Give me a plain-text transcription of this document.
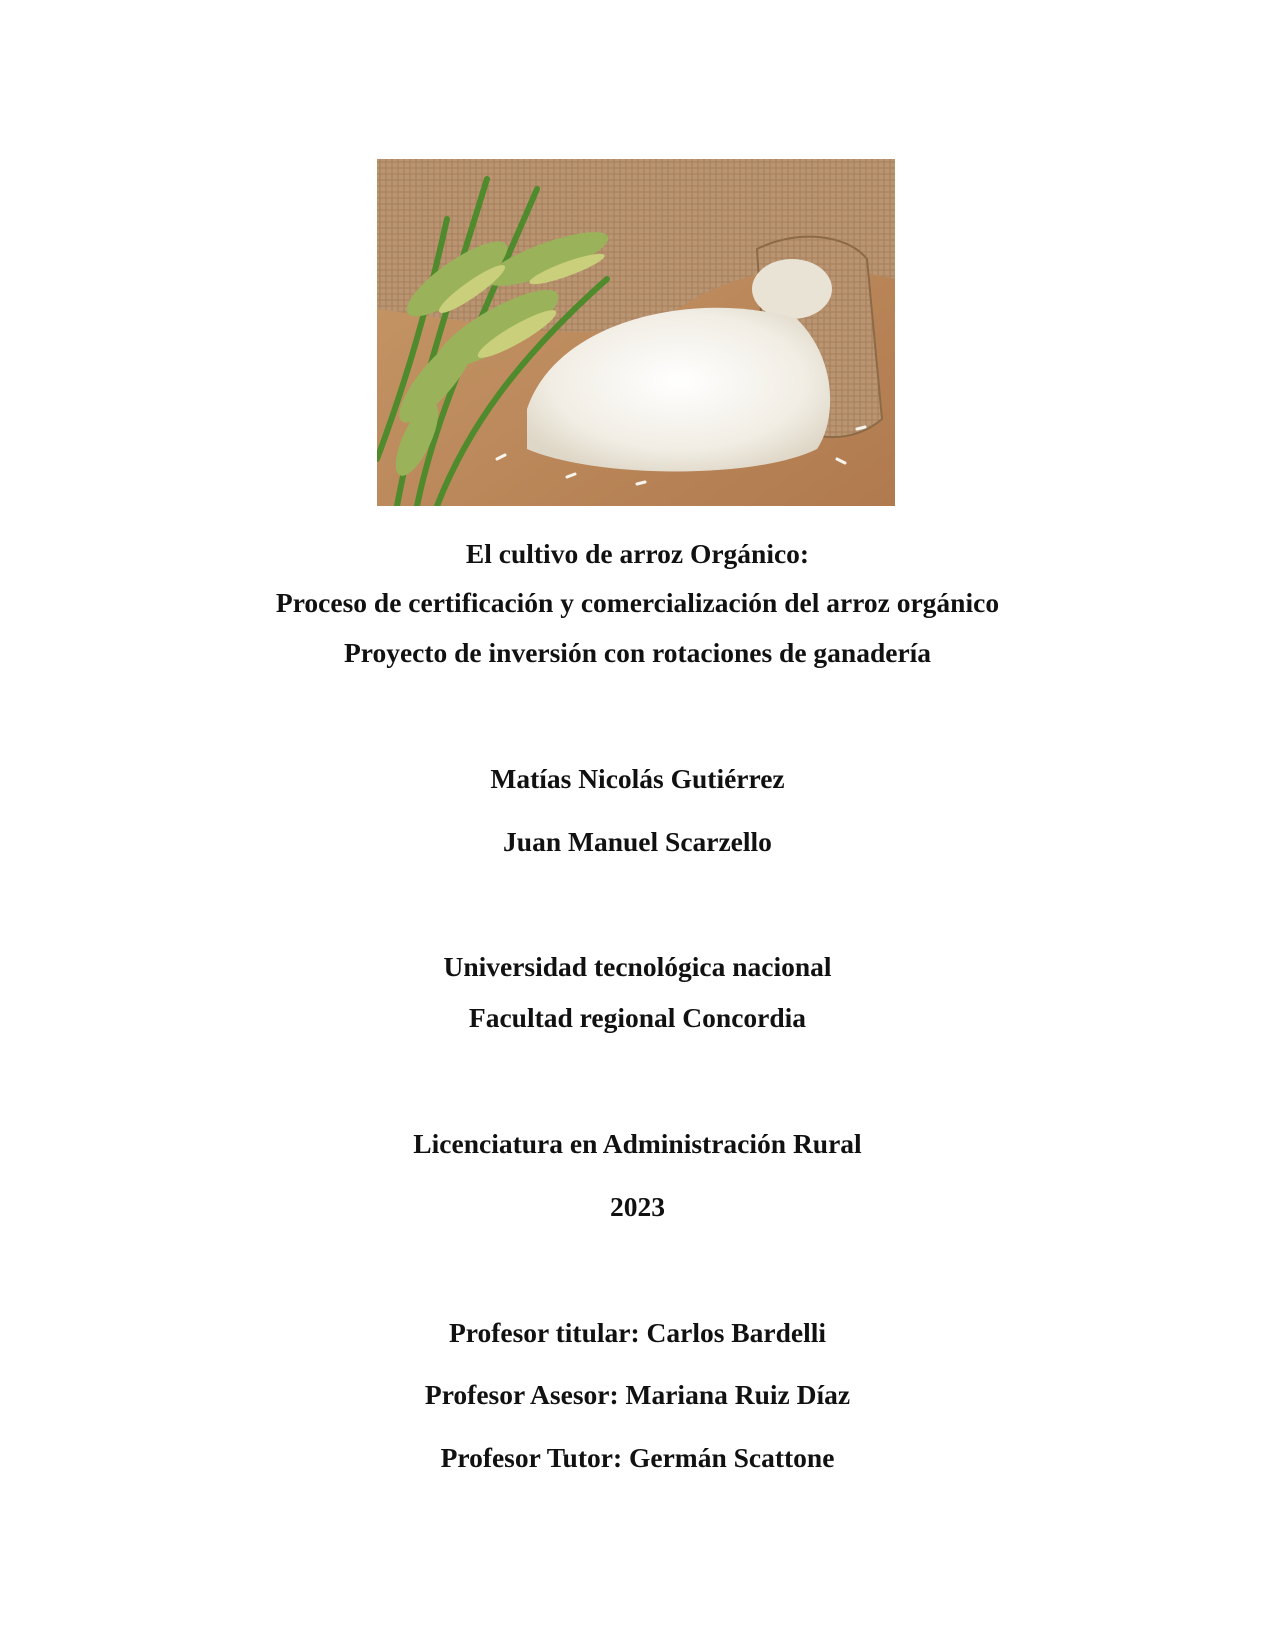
El cultivo de arroz Orgánico:
Proceso de certificación y comercialización del arroz orgánico
Proyecto de inversión con rotaciones de ganadería
Matías Nicolás Gutiérrez
Juan Manuel Scarzello
Universidad tecnológica nacional
Facultad regional Concordia
Licenciatura en Administración Rural
2023
Profesor titular: Carlos Bardelli
Profesor Asesor: Mariana Ruiz Díaz
Profesor Tutor: Germán Scattone
